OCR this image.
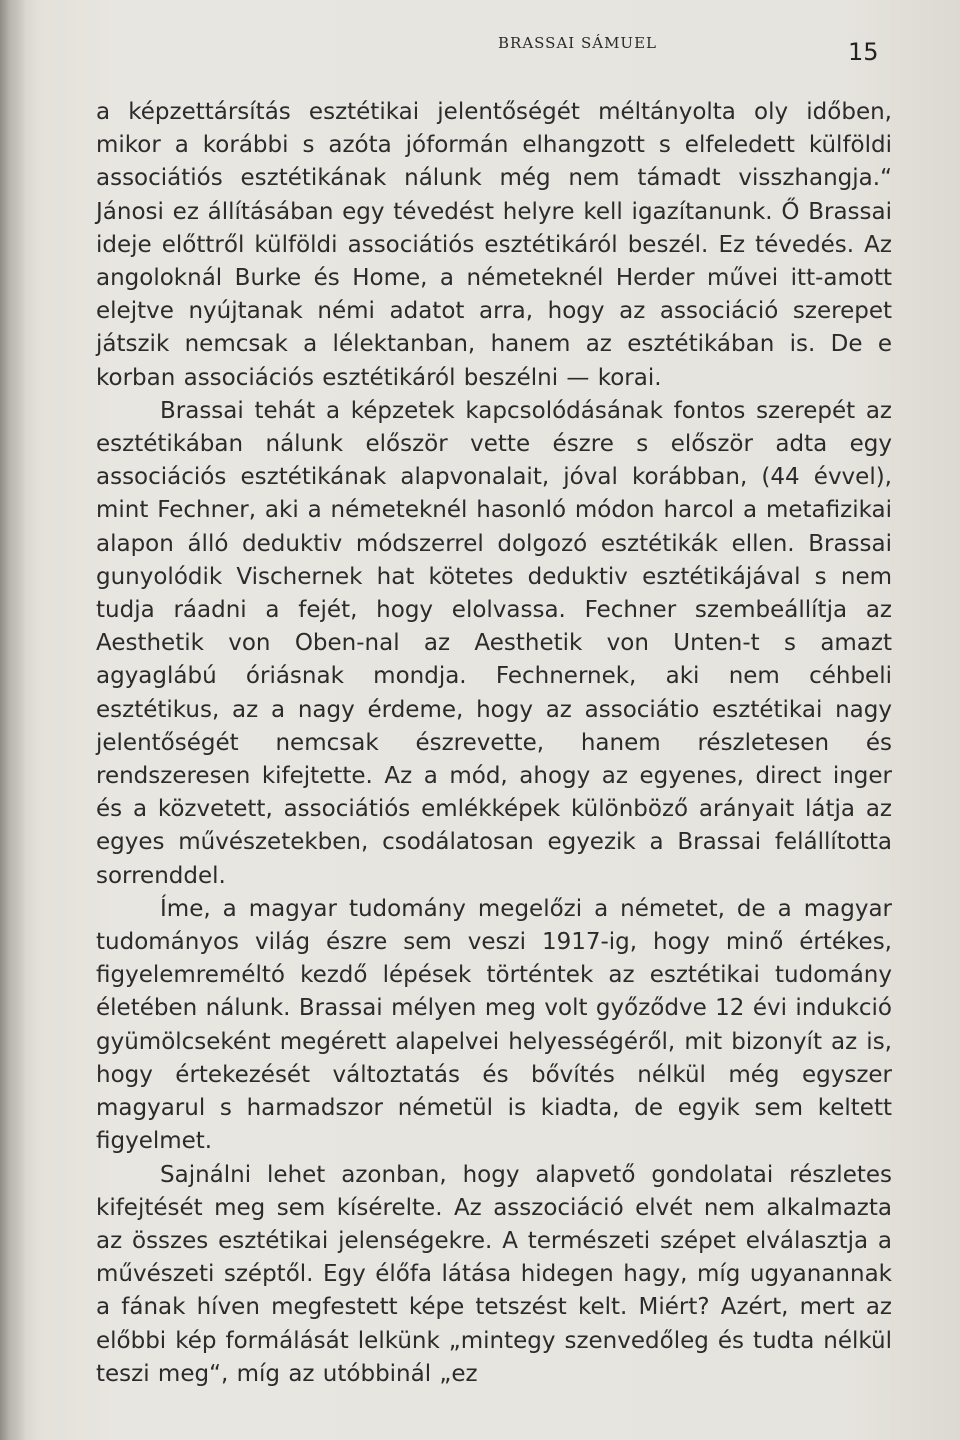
BRASSAI SÁMUEL	15

a képzettársítás esztétikai jelentőségét méltányolta oly időben, mikor a korábbi s azóta jóformán elhangzott s elfeledett külföldi associátiós esztétikának nálunk még nem támadt visszhangja.“ Jánosi ez állításában egy tévedést helyre kell igazítanunk. Ő Brassai ideje előttről külföldi associátiós esztétikáról beszél. Ez tévedés. Az angoloknál Burke és Home, a németeknél Herder művei itt-amott elejtve nyújtanak némi adatot arra, hogy az associáció szerepet játszik nemcsak a lélektanban, hanem az esztétikában is. De e korban associációs esztétikáról beszélni — korai.

Brassai tehát a képzetek kapcsolódásának fontos szerepét az esztétikában nálunk először vette észre s először adta egy associációs esztétikának alapvonalait, jóval korábban, (44 évvel), mint Fechner, aki a németeknél hasonló módon harcol a metafizikai alapon álló deduktiv módszerrel dolgozó esztétikák ellen. Brassai gunyolódik Vischernek hat kötetes deduktiv esztétikájával s nem tudja ráadni a fejét, hogy elolvassa. Fechner szembeállítja az Aesthetik von Oben-nal az Aesthetik von Unten-t s amazt agyaglábú óriásnak mondja. Fechnernek, aki nem céhbeli esztétikus, az a nagy érdeme, hogy az associátio esztétikai nagy jelentőségét nemcsak észrevette, hanem részletesen és rendszeresen kifejtette. Az a mód, ahogy az egyenes, direct inger és a közvetett, associátiós emlékképek különböző arányait látja az egyes művészetekben, csodálatosan egyezik a Brassai felállította sorrenddel.

Íme, a magyar tudomány megelőzi a németet, de a magyar tudományos világ észre sem veszi 1917-ig, hogy minő értékes, figyelemreméltó kezdő lépések történtek az esztétikai tudomány életében nálunk. Brassai mélyen meg volt győződve 12 évi indukció gyümölcseként megérett alapelvei helyességéről, mit bizonyít az is, hogy értekezését változtatás és bővítés nélkül még egyszer magyarul s harmadszor németül is kiadta, de egyik sem keltett figyelmet.

Sajnálni lehet azonban, hogy alapvető gondolatai részletes kifejtését meg sem kísérelte. Az asszociáció elvét nem alkalmazta az összes esztétikai jelenségekre. A természeti szépet elválasztja a művészeti széptől. Egy élőfa látása hidegen hagy, míg ugyanannak a fának híven megfestett képe tetszést kelt. Miért? Azért, mert az előbbi kép formálását lelkünk „mintegy szenvedőleg és tudta nélkül teszi meg“, míg az utóbbinál „ez
